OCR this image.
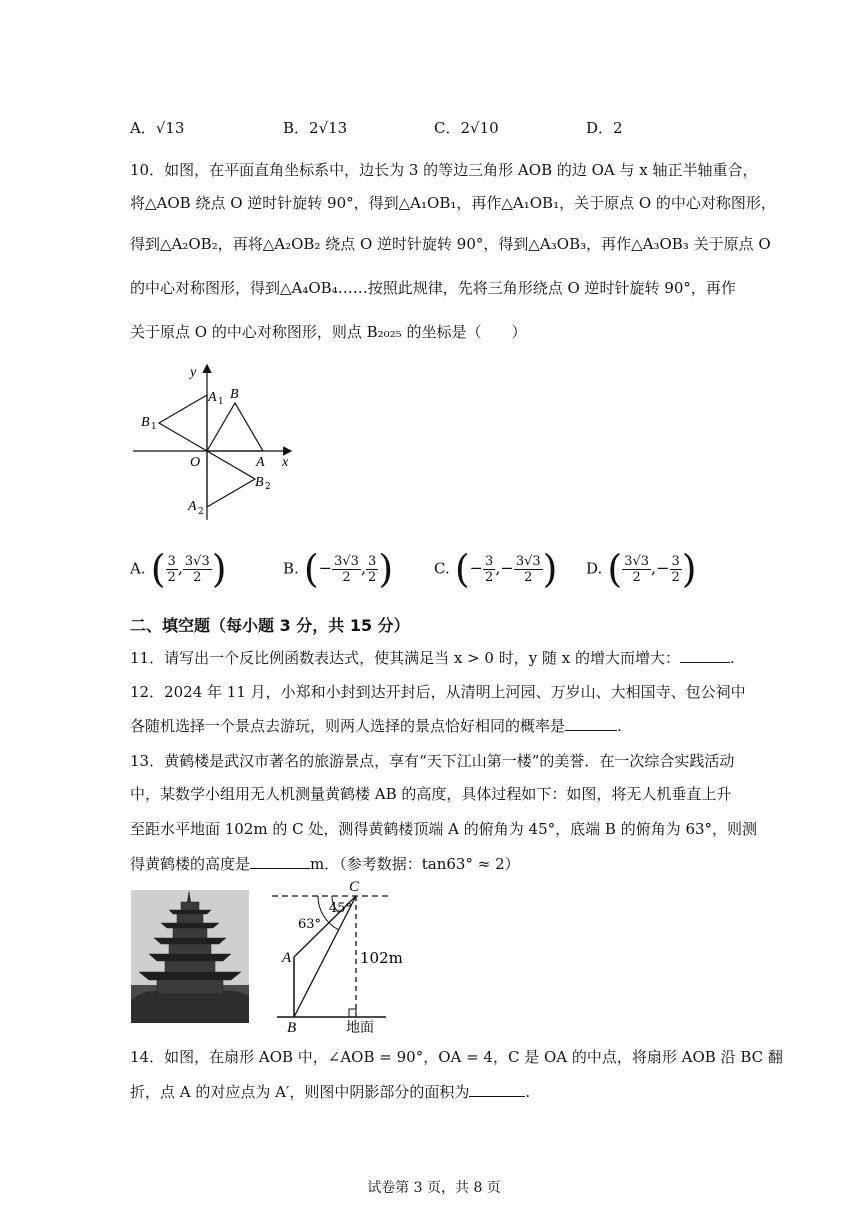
A．√13	B．2√13	C．2√10	D．2
10．如图，在平面直角坐标系中，边长为 3 的等边三角形 AOB 的边 OA 与 x 轴正半轴重合，
将△AOB 绕点 O 逆时针旋转 90°，得到△A₁OB₁，再作△A₁OB₁，关于原点 O 的中心对称图形，
得到△A₂OB₂，再将△A₂OB₂ 绕点 O 逆时针旋转 90°，得到△A₃OB₃，再作△A₃OB₃ 关于原点 O
的中心对称图形，得到△A₄OB₄……按照此规律，先将三角形绕点 O 逆时针旋转 90°，再作
关于原点 O 的中心对称图形，则点 B₂₀₂₅ 的坐标是（　　）
y
x
O	A
B
A 1
B 1
A 2
B 2
A. ( $\frac{3}{2}$ , $\frac{3√3}{2}$ )	B. (− $\frac{3√3}{2}$ , $\frac{3}{2}$ )	C. (− $\frac{3}{2}$ ,− $\frac{3√3}{2}$ ) D. ( $\frac{3√3}{2}$ ,− $\frac{3}{2}$ )
二、填空题（每小题 3 分，共 15 分）
11．请写出一个反比例函数表达式，使其满足当 x > 0 时，y 随 x 的增大而增大：	.
12．2024 年 11 月，小郑和小封到达开封后，从清明上河园、万岁山、大相国寺、包公祠中
各随机选择一个景点去游玩，则两人选择的景点恰好相同的概率是	.
13．黄鹤楼是武汉市著名的旅游景点，享有“天下江山第一楼”的美誉．在一次综合实践活动
中，某数学小组用无人机测量黄鹤楼 AB 的高度，具体过程如下：如图，将无人机垂直上升
至距水平地面 102m 的 C 处，测得黄鹤楼顶端 A 的俯角为 45°，底端 B 的俯角为 63°，则测
得黄鹤楼的高度是	m．（参考数据：tan63° ≈ 2）
C
A
B
45°
63°
102m
地面
14．如图，在扇形 AOB 中，∠AOB = 90°，OA = 4，C 是 OA 的中点，将扇形 AOB 沿 BC 翻
折，点 A 的对应点为 A′，则图中阴影部分的面积为	.
试卷第 3 页，共 8 页
